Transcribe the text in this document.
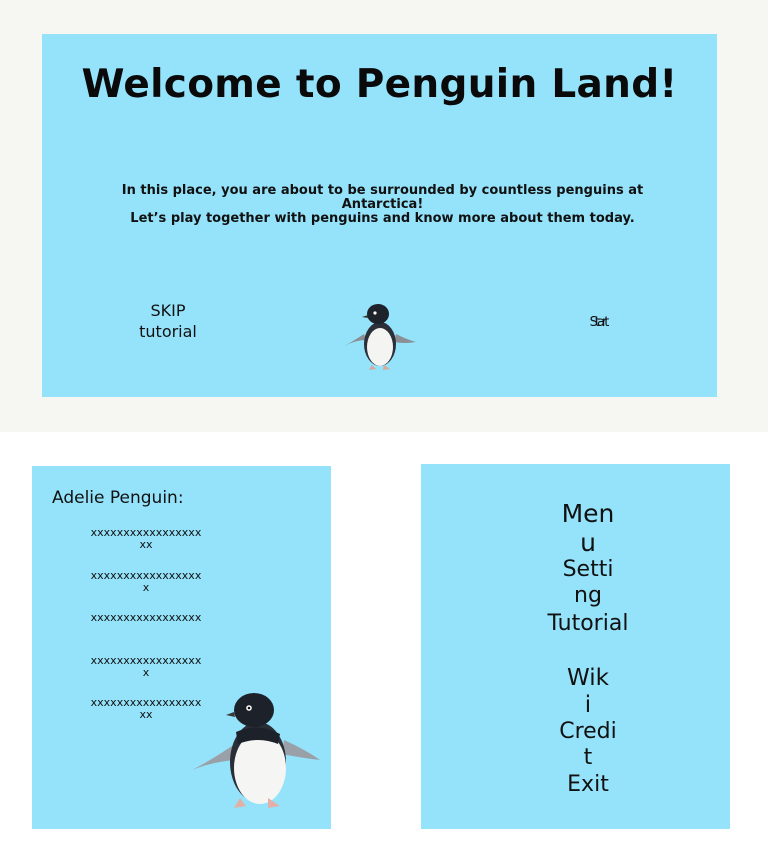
Welcome to Penguin Land!

In this place, you are about to be surrounded by countless penguins at Antarctica!
Let’s play together with penguins and know more about them today.

SKIP tutorial	Start
Adelie Penguin:
xxxxxxxxxxxxxxxxxxx
xxxxxxxxxxxxxxxxxx
xxxxxxxxxxxxxxxxx
xxxxxxxxxxxxxxxxxx
xxxxxxxxxxxxxxxxxxx
Menu
Setting
Tutorial
Wiki
Credit
Exit
